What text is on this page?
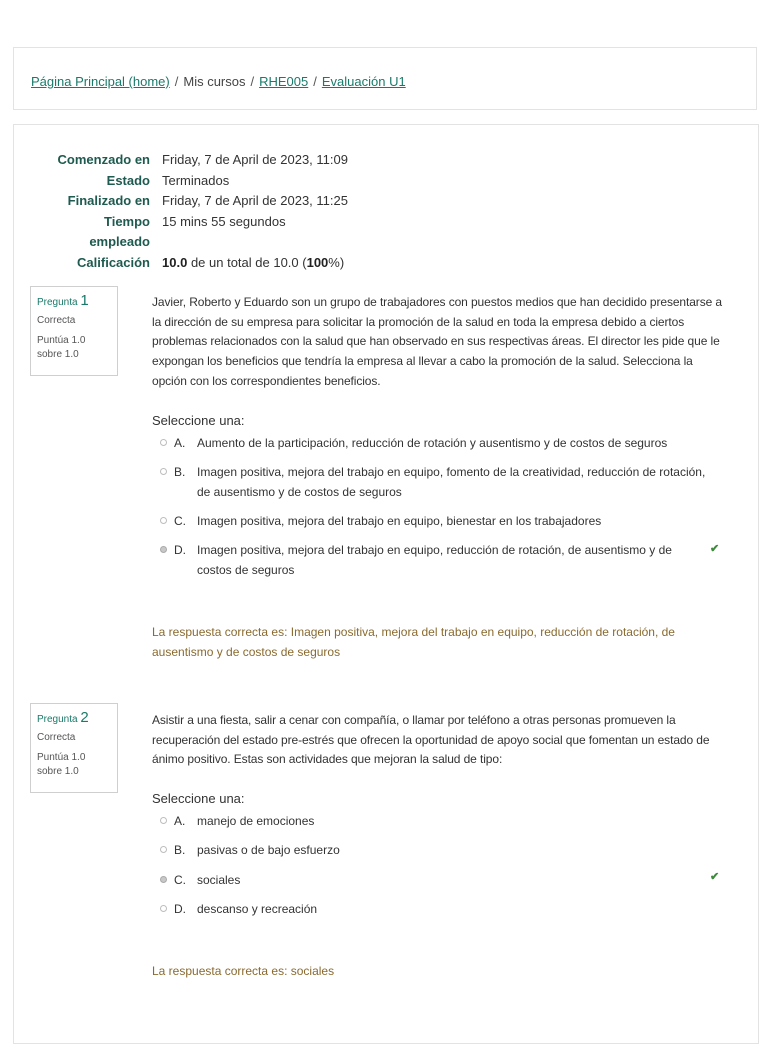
Página Principal (home) / Mis cursos / RHE005 / Evaluación U1
Comenzado en Friday, 7 de April de 2023, 11:09
Estado Terminados
Finalizado en Friday, 7 de April de 2023, 11:25
Tiempo empleado
15 mins 55 segundos
Calificación 10.0 de un total de 10.0 (100%)
Pregunta 1
Correcta
Puntúa 1.0 sobre 1.0
Javier, Roberto y Eduardo son un grupo de trabajadores con puestos medios que han decidido presentarse a la dirección de su empresa para solicitar la promoción de la salud en toda la empresa debido a ciertos problemas relacionados con la salud que han observado en sus respectivas áreas. El director les pide que le expongan los beneficios que tendría la empresa al llevar a cabo la promoción de la salud. Selecciona la opción con los correspondientes beneficios.
Seleccione una:
A. Aumento de la participación, reducción de rotación y ausentismo y de costos de seguros
B. Imagen positiva, mejora del trabajo en equipo, fomento de la creatividad, reducción de rotación, de ausentismo y de costos de seguros
C. Imagen positiva, mejora del trabajo en equipo, bienestar en los trabajadores
D. Imagen positiva, mejora del trabajo en equipo, reducción de rotación, de ausentismo y de costos de seguros
✔
La respuesta correcta es: Imagen positiva, mejora del trabajo en equipo, reducción de rotación, de ausentismo y de costos de seguros
Pregunta 2
Correcta
Puntúa 1.0 sobre 1.0
Asistir a una fiesta, salir a cenar con compañía, o llamar por teléfono a otras personas promueven la recuperación del estado pre-estrés que ofrecen la oportunidad de apoyo social que fomentan un estado de ánimo positivo. Estas son actividades que mejoran la salud de tipo:
Seleccione una:
A. manejo de emociones
B. pasivas o de bajo esfuerzo
C. sociales	✔
D. descanso y recreación
La respuesta correcta es: sociales
